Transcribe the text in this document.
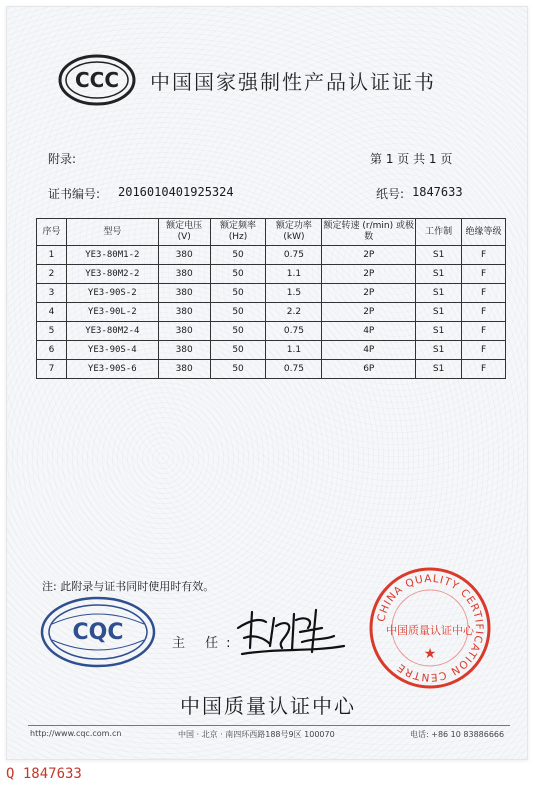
CCC 中国国家强制性产品认证证书
附录:	第 1 页 共 1 页
证书编号: 2016010401925324	纸号: 1847633
序号	型号	额定电压 (V)	额定频率 (Hz)	额定功率 (kW)	额定转速 (r/min) 或极数	工作制	绝缘等级
1	YE3-80M1-2	380	50	0.75	2P	S1	F
2	YE3-80M2-2	380	50	1.1	2P	S1	F
3	YE3-90S-2	380	50	1.5	2P	S1	F
4	YE3-90L-2	380	50	2.2	2P	S1	F
5	YE3-80M2-4	380	50	0.75	4P	S1	F
6	YE3-90S-4	380	50	1.1	4P	S1	F
7	YE3-90S-6	380	50	0.75	6P	S1	F
注: 此附录与证书同时使用时有效。
CQC	主 任:
CHINA QUALITY CERTIFICATION CENTRE
中国质量认证中心
★
中国质量认证中心
http://www.cqc.com.cn	中国 · 北京 · 南四环西路188号9区 100070	电话: +86 10 83886666
Q 1847633
